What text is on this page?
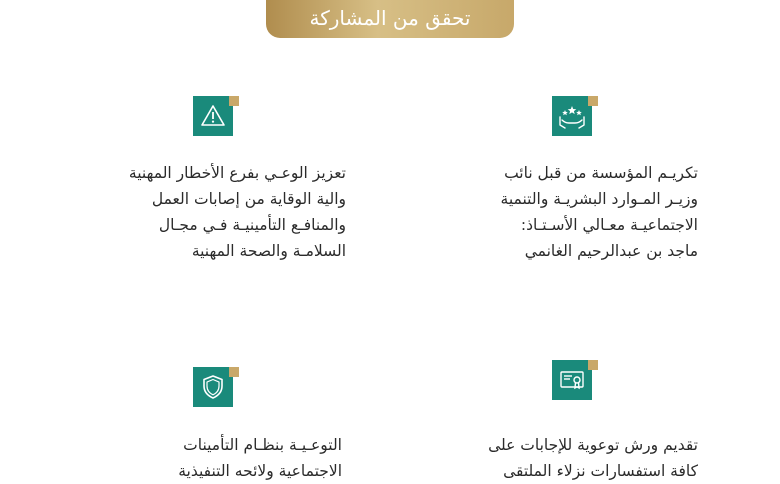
تحقق من المشاركة
تكريـم المؤسسة من قبل نائب
وزيـر المـوارد البشريـة والتنمية
الاجتماعيـة معـالي الأسـتـاذ:
ماجد بن عبدالرحيم الغانمي
تعزيز الوعـي بفرع الأخطار المهنية
والية الوقاية من إصابات العمل
والمنافـع التأمينيـة فـي مجـال
السلامـة والصحة المهنية
تقديم ورش توعوية للإجابات على
كافة استفسارات نزلاء الملتقى
التوعـيـة بنظـام التأمينات
الاجتماعية ولائحه التنفيذية
